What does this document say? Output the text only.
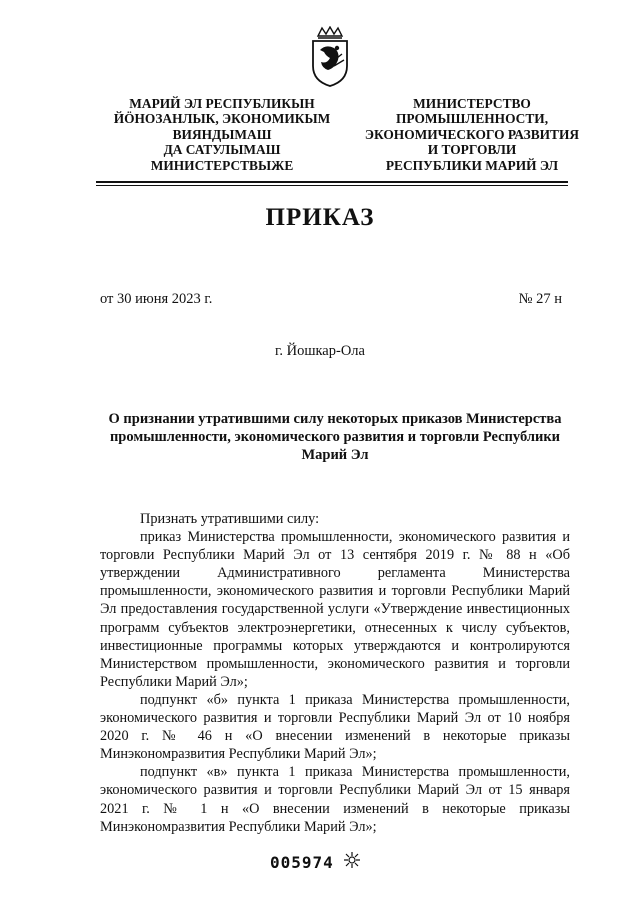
МАРИЙ ЭЛ РЕСПУБЛИКЫН
ЙӦНОЗАНЛЫК, ЭКОНОМИКЫМ
ВИЯНДЫМАШ
ДА САТУЛЫМАШ
МИНИСТЕРСТВЫЖЕ
МИНИСТЕРСТВО
ПРОМЫШЛЕННОСТИ,
ЭКОНОМИЧЕСКОГО РАЗВИТИЯ
И ТОРГОВЛИ
РЕСПУБЛИКИ МАРИЙ ЭЛ
ПРИКАЗ
от 30 июня 2023 г.	№ 27 н
г. Йошкар-Ола
О признании утратившими силу некоторых приказов Министерства промышленности, экономического развития и торговли Республики Марий Эл

Признать утратившими силу:

приказ Министерства промышленности, экономического развития и торговли Республики Марий Эл от 13 сентября 2019 г. № 88 н «Об утверждении Административного регламента Министерства промышленности, экономического развития и торговли Республики Марий Эл предоставления государственной услуги «Утверждение инвестиционных программ субъектов электроэнергетики, отнесенных к числу субъектов, инвестиционные программы которых утверждаются и контролируются Министерством промышленности, экономического развития и торговли Республики Марий Эл»;

подпункт «б» пункта 1 приказа Министерства промышленности, экономического развития и торговли Республики Марий Эл от 10 ноября 2020 г. № 46 н «О внесении изменений в некоторые приказы Минэкономразвития Республики Марий Эл»;

подпункт «в» пункта 1 приказа Министерства промышленности, экономического развития и торговли Республики Марий Эл от 15 января 2021 г. № 1 н «О внесении изменений в некоторые приказы Минэкономразвития Республики Марий Эл»;

005974
